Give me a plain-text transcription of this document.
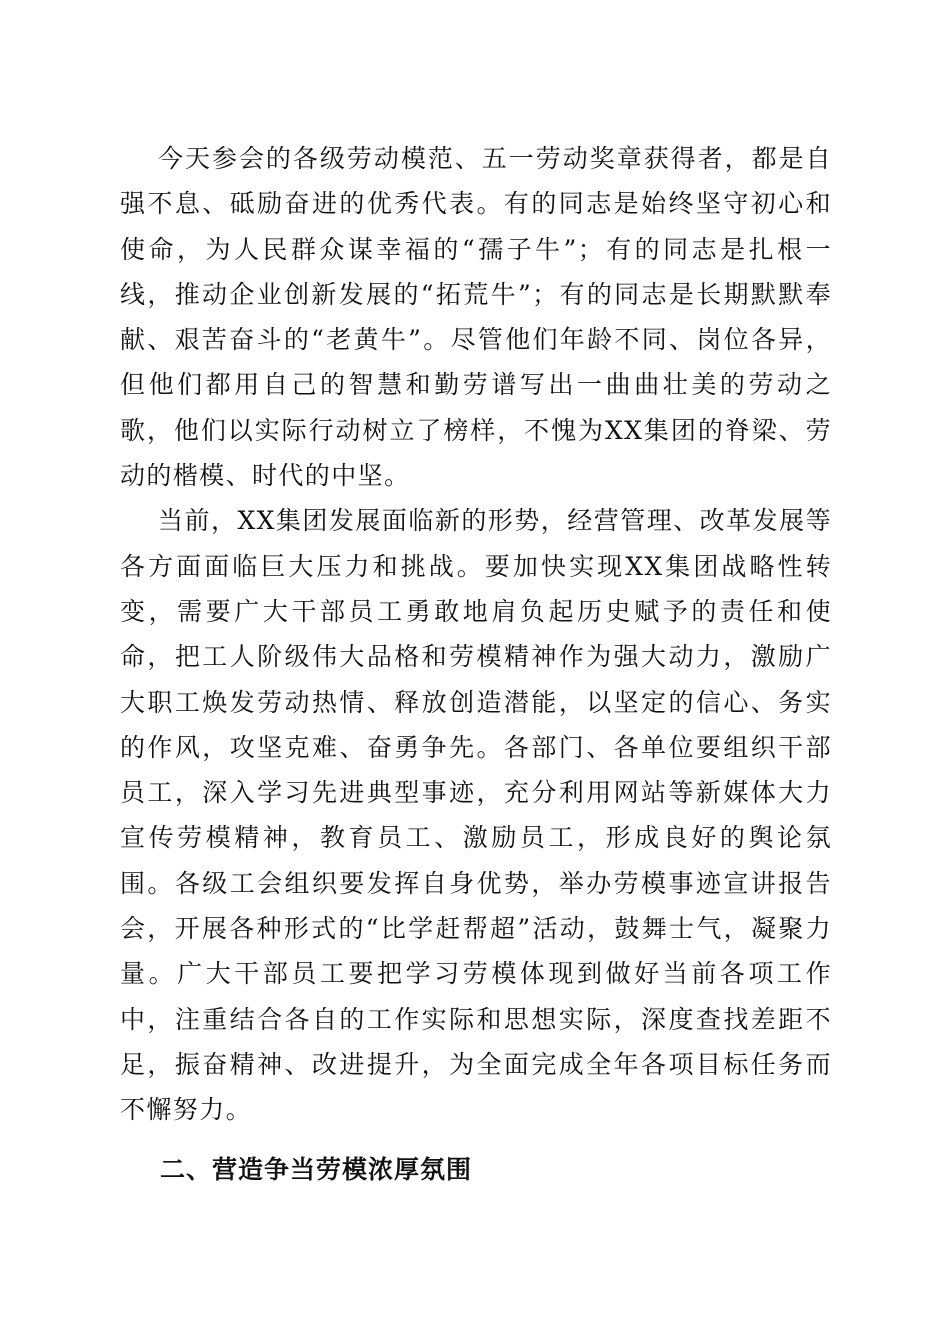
今天参会的各级劳动模范、五一劳动奖章获得者，都是自强不息、砥励奋进的优秀代表。有的同志是始终坚守初心和使命，为人民群众谋幸福的“孺子牛”；有的同志是扎根一线，推动企业创新发展的“拓荒牛”；有的同志是长期默默奉献、艰苦奋斗的“老黄牛”。尽管他们年龄不同、岗位各异，但他们都用自己的智慧和勤劳谱写出一曲曲壮美的劳动之歌，他们以实际行动树立了榜样，不愧为XX集团的脊梁、劳动的楷模、时代的中坚。

当前，XX集团发展面临新的形势，经营管理、改革发展等各方面面临巨大压力和挑战。要加快实现XX集团战略性转变，需要广大干部员工勇敢地肩负起历史赋予的责任和使命，把工人阶级伟大品格和劳模精神作为强大动力，激励广大职工焕发劳动热情、释放创造潜能，以坚定的信心、务实的作风，攻坚克难、奋勇争先。各部门、各单位要组织干部员工，深入学习先进典型事迹，充分利用网站等新媒体大力宣传劳模精神，教育员工、激励员工，形成良好的舆论氛围。各级工会组织要发挥自身优势，举办劳模事迹宣讲报告会，开展各种形式的“比学赶帮超”活动，鼓舞士气，凝聚力量。广大干部员工要把学习劳模体现到做好当前各项工作中，注重结合各自的工作实际和思想实际，深度查找差距不足，振奋精神、改进提升，为全面完成全年各项目标任务而不懈努力。

二、营造争当劳模浓厚氛围
